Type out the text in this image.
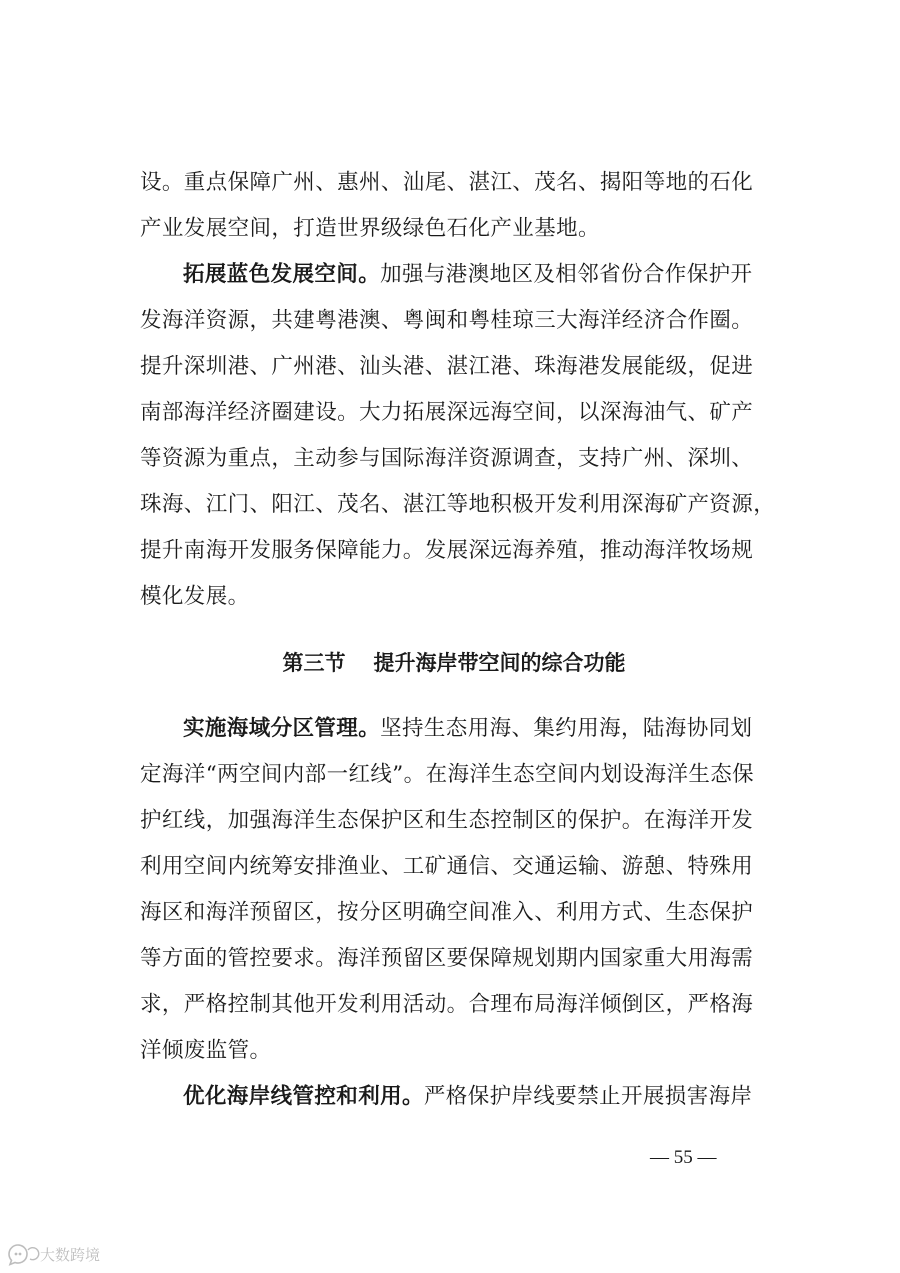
设。重点保障广州、惠州、汕尾、湛江、茂名、揭阳等地的石化
产业发展空间，打造世界级绿色石化产业基地。

拓展蓝色发展空间。加强与港澳地区及相邻省份合作保护开
发海洋资源，共建粤港澳、粤闽和粤桂琼三大海洋经济合作圈。
提升深圳港、广州港、汕头港、湛江港、珠海港发展能级，促进
南部海洋经济圈建设。大力拓展深远海空间，以深海油气、矿产
等资源为重点，主动参与国际海洋资源调查，支持广州、深圳、
珠海、江门、阳江、茂名、湛江等地积极开发利用深海矿产资源，
提升南海开发服务保障能力。发展深远海养殖，推动海洋牧场规
模化发展。

第三节 提升海岸带空间的综合功能

实施海域分区管理。坚持生态用海、集约用海，陆海协同划
定海洋“两空间内部一红线”。在海洋生态空间内划设海洋生态保
护红线，加强海洋生态保护区和生态控制区的保护。在海洋开发
利用空间内统筹安排渔业、工矿通信、交通运输、游憩、特殊用
海区和海洋预留区，按分区明确空间准入、利用方式、生态保护
等方面的管控要求。海洋预留区要保障规划期内国家重大用海需
求，严格控制其他开发利用活动。合理布局海洋倾倒区，严格海
洋倾废监管。

优化海岸线管控和利用。严格保护岸线要禁止开展损害海岸

— 55 —
大数跨境
